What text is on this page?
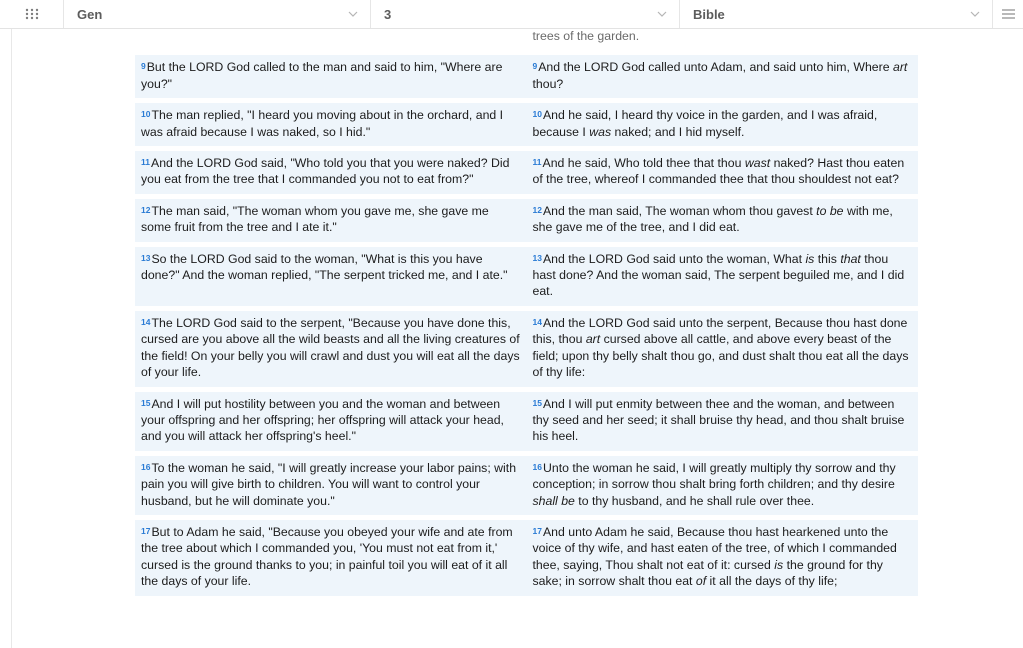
Gen	3	Bible
trees of the garden.
$^9$But the LORD God called to the man and said to him, "Where are you?"
$^9$And the LORD God called unto Adam, and said unto him, Where art thou?
$^{10}$The man replied, "I heard you moving about in the orchard, and I was afraid because I was naked, so I hid."
$^{10}$And he said, I heard thy voice in the garden, and I was afraid, because I was naked; and I hid myself.
$^{11}$And the LORD God said, "Who told you that you were naked? Did you eat from the tree that I commanded you not to eat from?"
$^{11}$And he said, Who told thee that thou wast naked? Hast thou eaten of the tree, whereof I commanded thee that thou shouldest not eat?
$^{12}$The man said, "The woman whom you gave me, she gave me some fruit from the tree and I ate it."
$^{12}$And the man said, The woman whom thou gavest to be with me, she gave me of the tree, and I did eat.
$^{13}$So the LORD God said to the woman, "What is this you have done?" And the woman replied, "The serpent tricked me, and I ate."
$^{13}$And the LORD God said unto the woman, What is this that thou hast done? And the woman said, The serpent beguiled me, and I did eat.
$^{14}$The LORD God said to the serpent, "Because you have done this, cursed are you above all the wild beasts and all the living creatures of the field! On your belly you will crawl and dust you will eat all the days of your life.
$^{14}$And the LORD God said unto the serpent, Because thou hast done this, thou art cursed above all cattle, and above every beast of the field; upon thy belly shalt thou go, and dust shalt thou eat all the days of thy life:
$^{15}$And I will put hostility between you and the woman and between your offspring and her offspring; her offspring will attack your head, and you will attack her offspring's heel."
$^{15}$And I will put enmity between thee and the woman, and between thy seed and her seed; it shall bruise thy head, and thou shalt bruise his heel.
$^{16}$To the woman he said, "I will greatly increase your labor pains; with pain you will give birth to children. You will want to control your husband, but he will dominate you."
$^{16}$Unto the woman he said, I will greatly multiply thy sorrow and thy conception; in sorrow thou shalt bring forth children; and thy desire shall be to thy husband, and he shall rule over thee.
$^{17}$But to Adam he said, "Because you obeyed your wife and ate from the tree about which I commanded you, 'You must not eat from it,' cursed is the ground thanks to you; in painful toil you will eat of it all the days of your life.
$^{17}$And unto Adam he said, Because thou hast hearkened unto the voice of thy wife, and hast eaten of the tree, of which I commanded thee, saying, Thou shalt not eat of it: cursed is the ground for thy sake; in sorrow shalt thou eat of it all the days of thy life;
